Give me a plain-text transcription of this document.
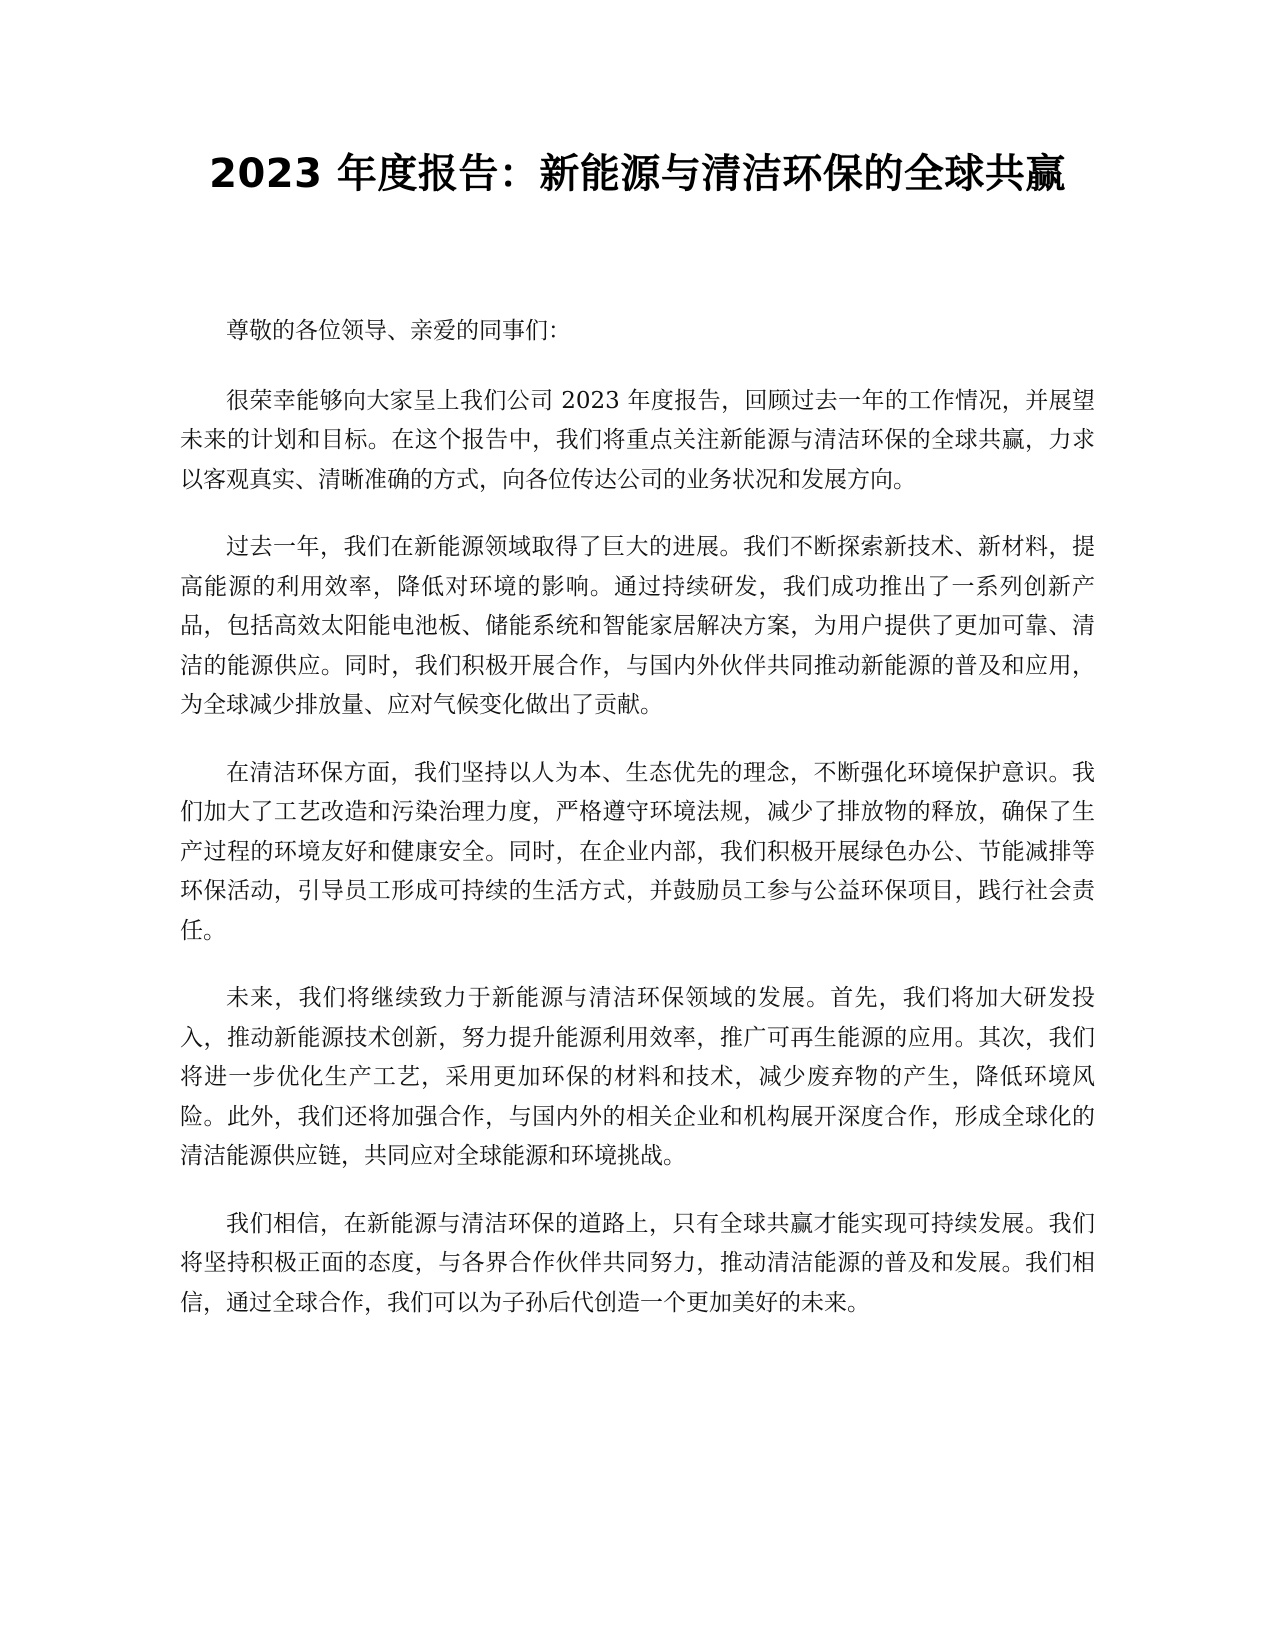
2023 年度报告：新能源与清洁环保的全球共赢

尊敬的各位领导、亲爱的同事们：

很荣幸能够向大家呈上我们公司 2023 年度报告，回顾过去一年的工作情况，并展望未来的计划和目标。在这个报告中，我们将重点关注新能源与清洁环保的全球共赢，力求以客观真实、清晰准确的方式，向各位传达公司的业务状况和发展方向。

过去一年，我们在新能源领域取得了巨大的进展。我们不断探索新技术、新材料，提高能源的利用效率，降低对环境的影响。通过持续研发，我们成功推出了一系列创新产品，包括高效太阳能电池板、储能系统和智能家居解决方案，为用户提供了更加可靠、清洁的能源供应。同时，我们积极开展合作，与国内外伙伴共同推动新能源的普及和应用，为全球减少排放量、应对气候变化做出了贡献。

在清洁环保方面，我们坚持以人为本、生态优先的理念，不断强化环境保护意识。我们加大了工艺改造和污染治理力度，严格遵守环境法规，减少了排放物的释放，确保了生产过程的环境友好和健康安全。同时，在企业内部，我们积极开展绿色办公、节能减排等环保活动，引导员工形成可持续的生活方式，并鼓励员工参与公益环保项目，践行社会责任。

未来，我们将继续致力于新能源与清洁环保领域的发展。首先，我们将加大研发投入，推动新能源技术创新，努力提升能源利用效率，推广可再生能源的应用。其次，我们将进一步优化生产工艺，采用更加环保的材料和技术，减少废弃物的产生，降低环境风险。此外，我们还将加强合作，与国内外的相关企业和机构展开深度合作，形成全球化的清洁能源供应链，共同应对全球能源和环境挑战。

我们相信，在新能源与清洁环保的道路上，只有全球共赢才能实现可持续发展。我们将坚持积极正面的态度，与各界合作伙伴共同努力，推动清洁能源的普及和发展。我们相信，通过全球合作，我们可以为子孙后代创造一个更加美好的未来。
